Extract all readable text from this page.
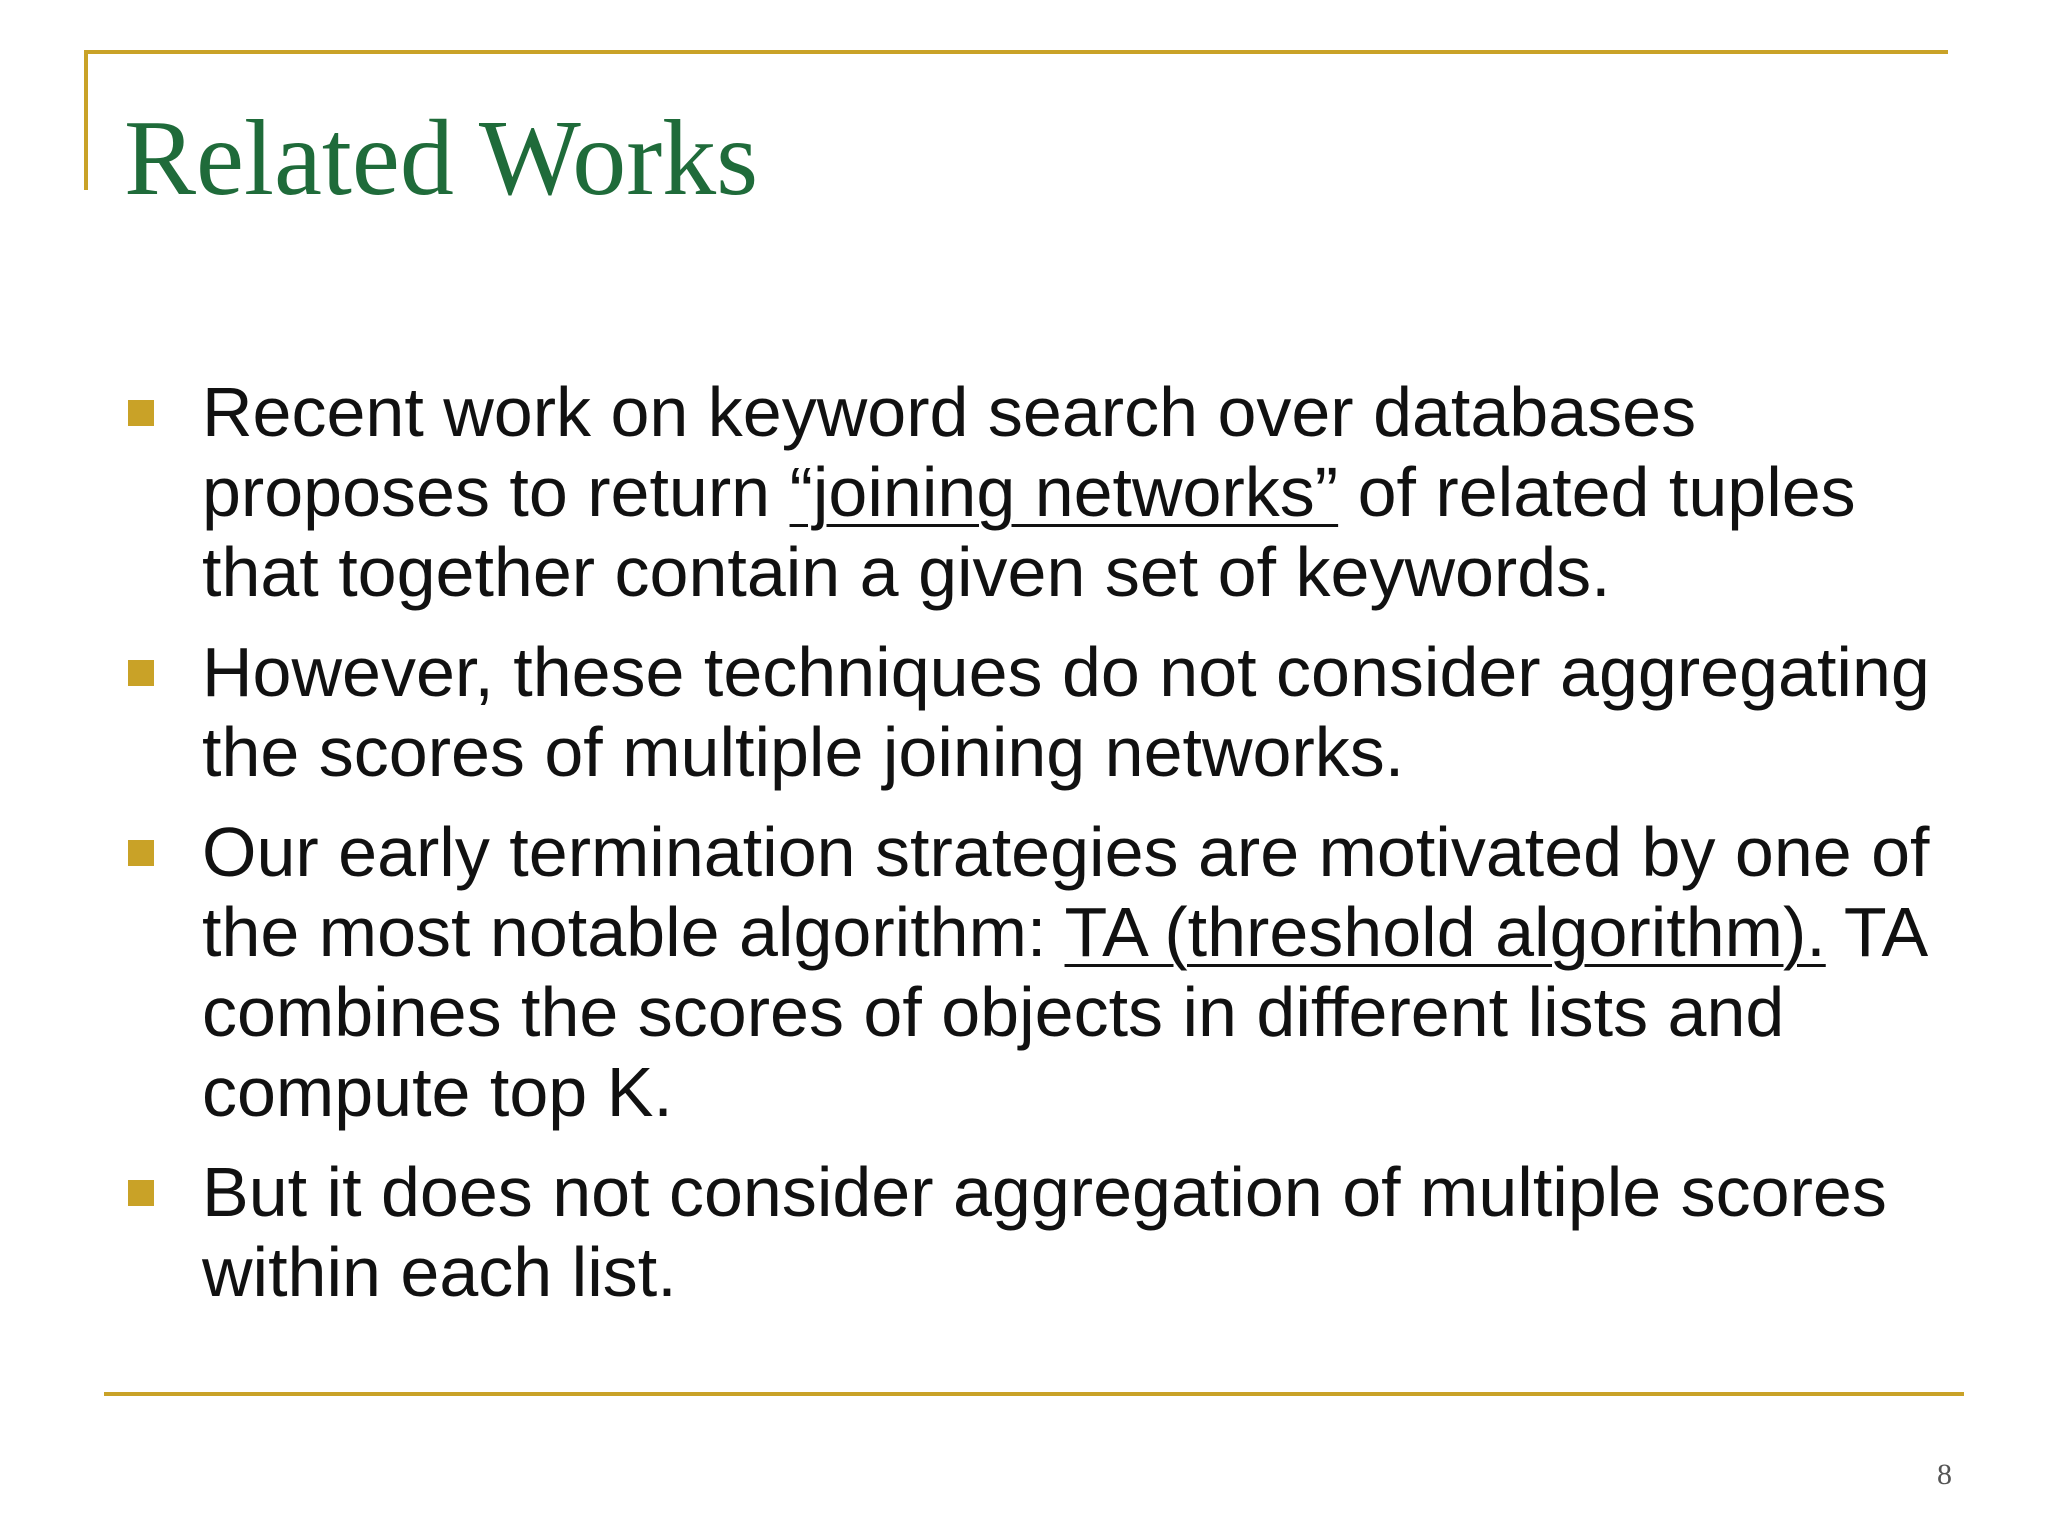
Related Works
Recent work on keyword search over databases proposes to return “joining networks” of related tuples that together contain a given set of keywords.
However, these techniques do not consider aggregating the scores of multiple joining networks.
Our early termination strategies are motivated by one of the most notable algorithm: TA (threshold algorithm). TA combines the scores of objects in different lists and compute top K.
But it does not consider aggregation of multiple scores within each list.
8
